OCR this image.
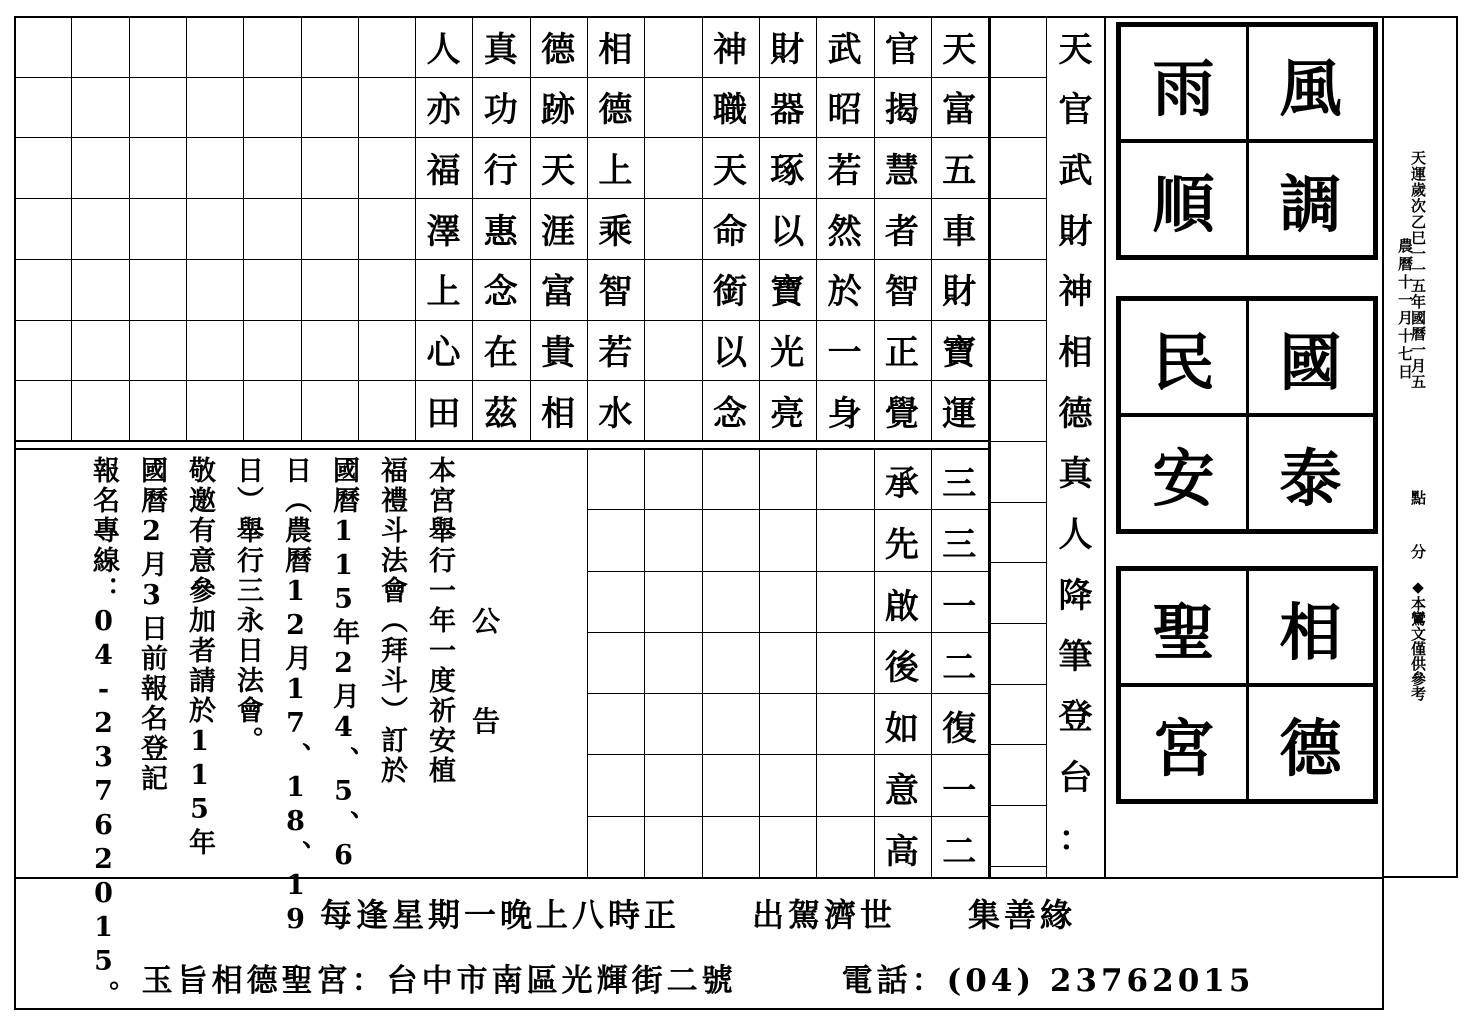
天
富
五
車
財
寶
運
官
揭
慧
者
智
正
覺
武
昭
若
然
於
一
身
財
器
琢
以
寶
光
亮
神
職
天
命
銜
以
念
相
德
上
乘
智
若
水
德
跡
天
涯
富
貴
相
真
功
行
惠
念
在
茲
人
亦
福
澤
上
心
田
三
三
一
二
復
一
二
承
先
啟
後
如
意
高
天
官
武
財
神
相
德
真
人
降
筆
登
台
：
公
告
本宮舉行一年一度祈安植
福禮斗法會（拜斗）訂於
國曆115年2月4、5、6
日（農曆12月17、18、19
日）舉行三永日法會。
敬邀有意參加者請於115年
國曆2月3日前報名登記
報名專線：04-23762015。
風
雨
調
順
國
民
泰
安
相
聖
德
宮
天運歲次乙巳一一五年國曆一月五
農曆十一月十七日
點　分
◆本鸞文僅供參考
每逢星期一晚上八時正　　出駕濟世　　集善緣
玉旨相德聖宮：台中市南區光輝街二號　　　電話：(04) 23762015
